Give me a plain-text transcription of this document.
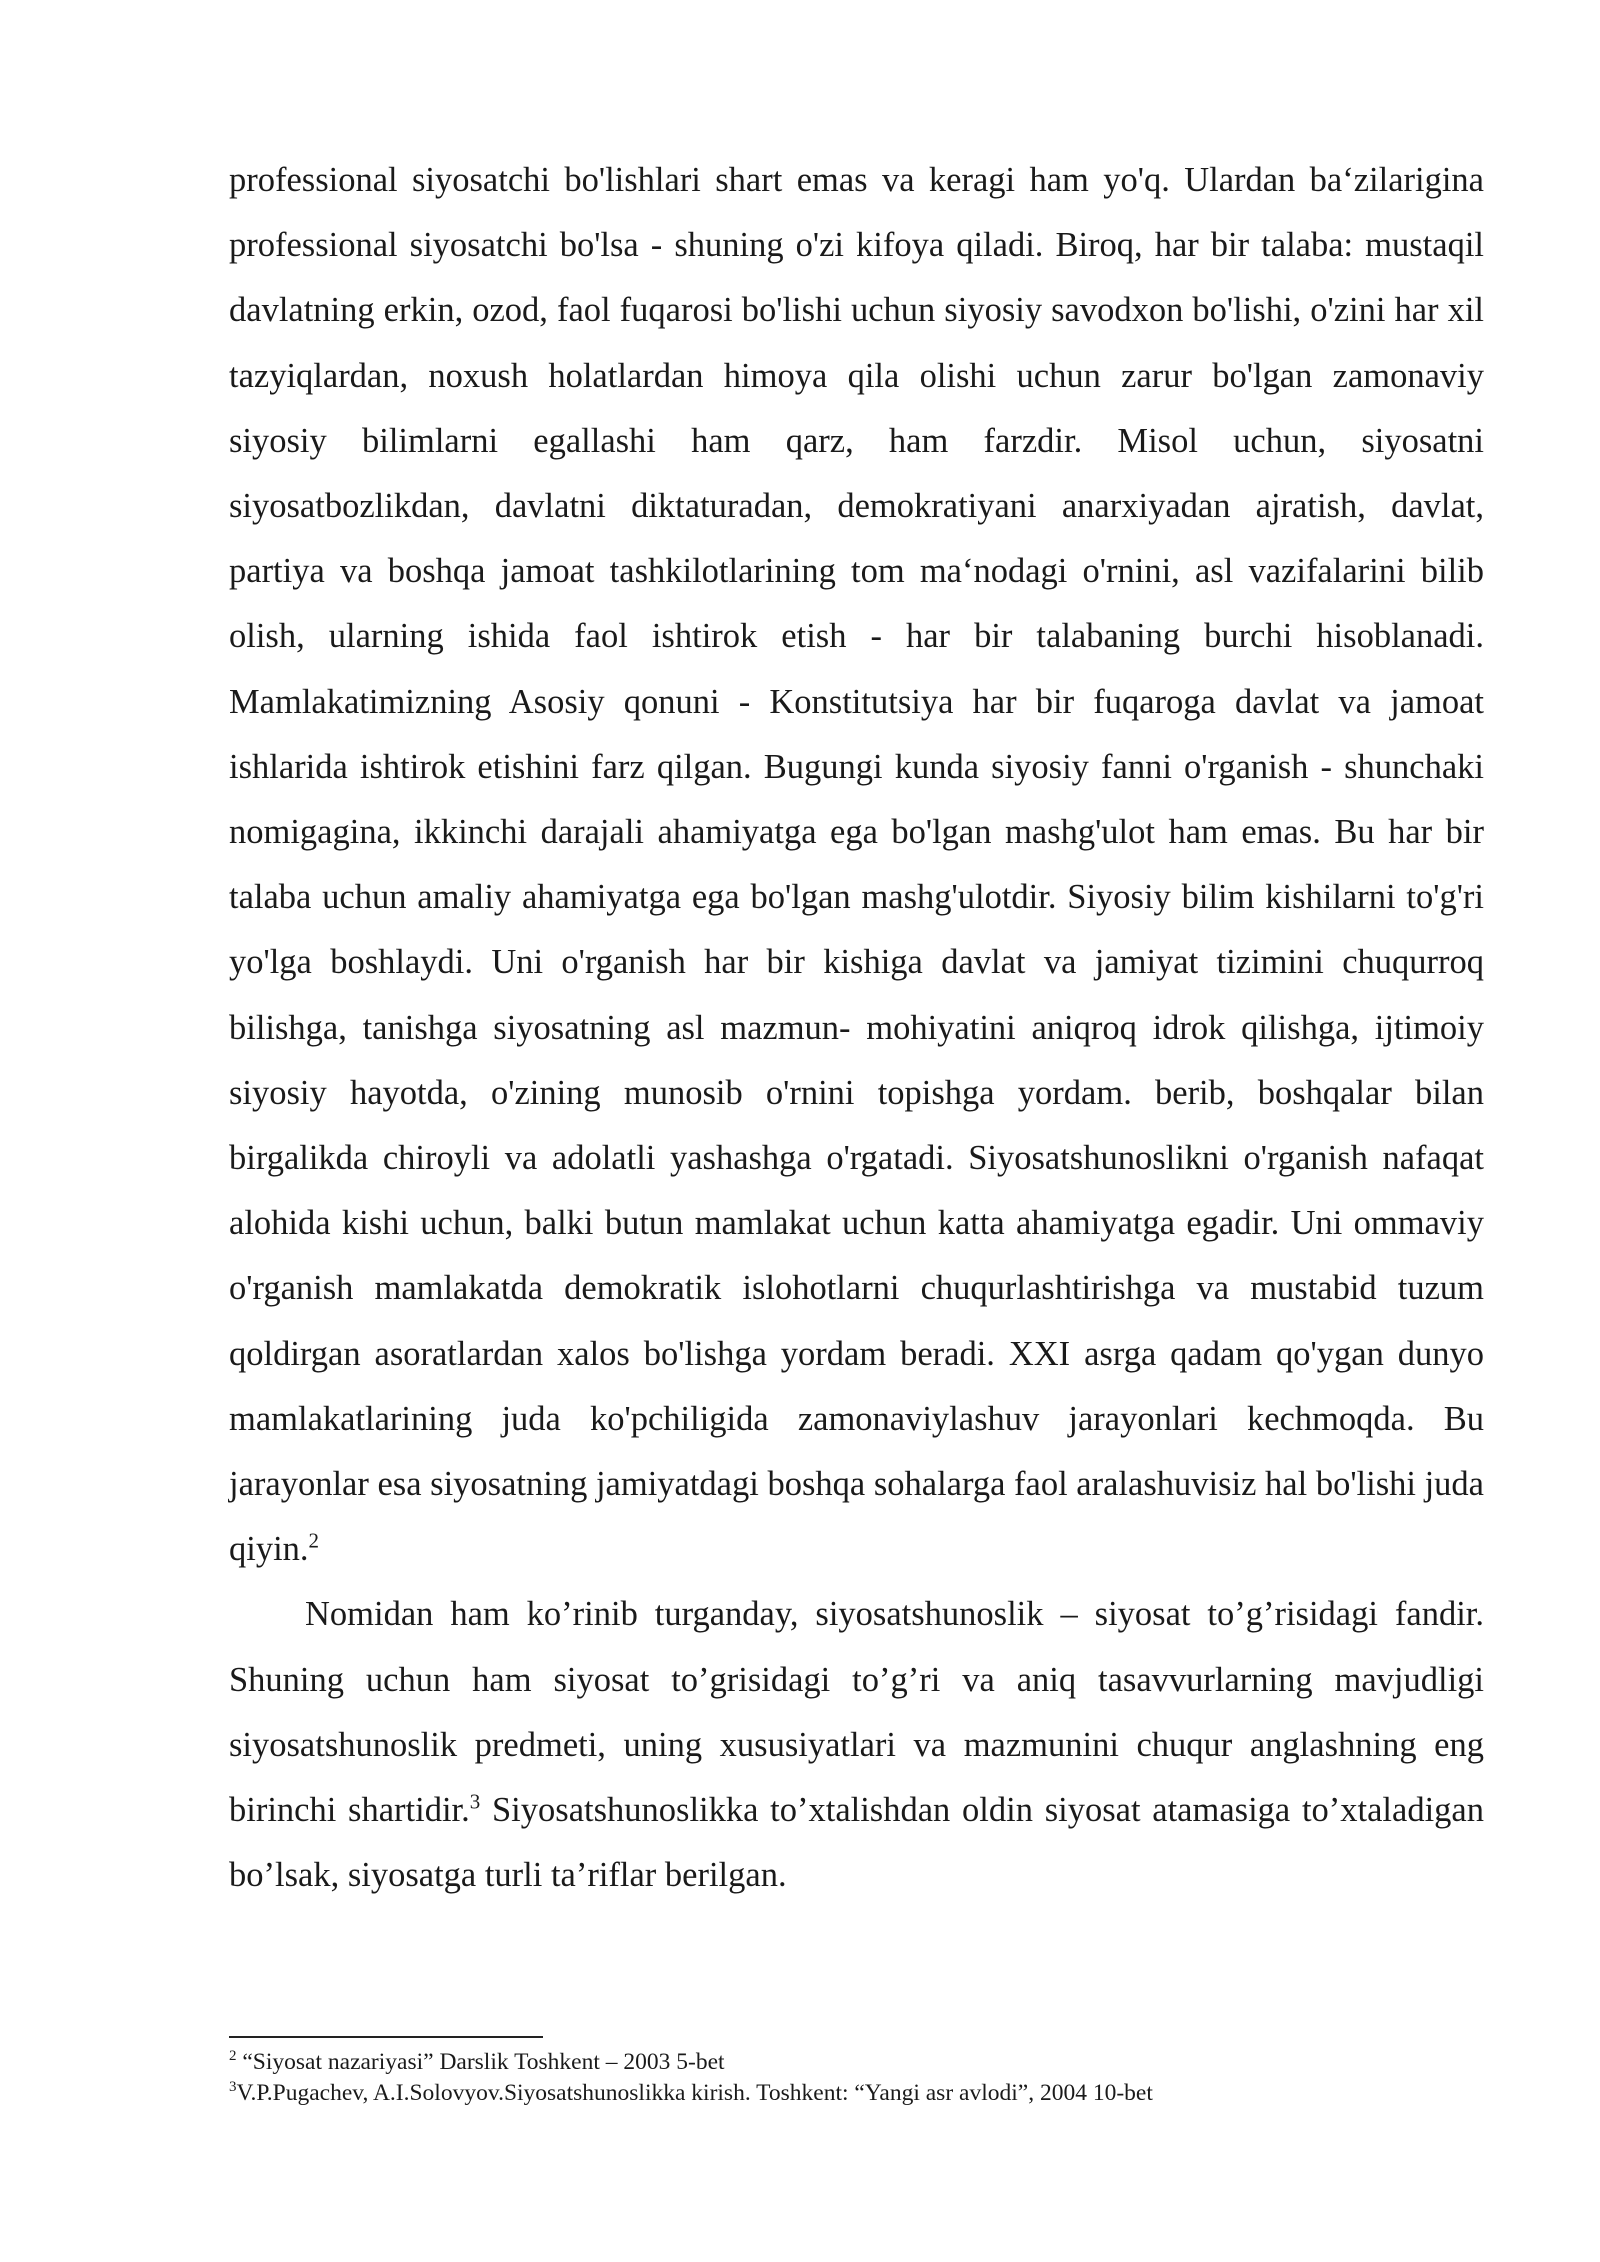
professional siyosatchi bo'lishlari shart emas va keragi ham yo'q. Ulardan ba‘zilarigina professional siyosatchi bo'lsa - shuning o'zi kifoya qiladi. Biroq, har bir talaba: mustaqil davlatning erkin, ozod, faol fuqarosi bo'lishi uchun siyosiy savodxon bo'lishi, o'zini har xil tazyiqlardan, noxush holatlardan himoya qila olishi uchun zarur bo'lgan zamonaviy siyosiy bilimlarni egallashi ham qarz, ham farzdir. Misol uchun, siyosatni siyosatbozlikdan, davlatni diktaturadan, demokratiyani anarxiyadan ajratish, davlat, partiya va boshqa jamoat tashkilotlarining tom ma‘nodagi o'rnini, asl vazifalarini bilib olish, ularning ishida faol ishtirok etish - har bir talabaning burchi hisoblanadi. Mamlakatimizning Asosiy qonuni - Konstitutsiya har bir fuqaroga davlat va jamoat ishlarida ishtirok etishini farz qilgan. Bugungi kunda siyosiy fanni o'rganish - shunchaki nomigagina, ikkinchi darajali ahamiyatga ega bo'lgan mashg'ulot ham emas. Bu har bir talaba uchun amaliy ahamiyatga ega bo'lgan mashg'ulotdir. Siyosiy bilim kishilarni to'g'ri yo'lga boshlaydi. Uni o'rganish har bir kishiga davlat va jamiyat tizimini chuqurroq bilishga, tanishga siyosatning asl mazmun- mohiyatini aniqroq idrok qilishga, ijtimoiy siyosiy hayotda, o'zining munosib o'rnini topishga yordam. berib, boshqalar bilan birgalikda chiroyli va adolatli yashashga o'rgatadi. Siyosatshunoslikni o'rganish nafaqat alohida kishi uchun, balki butun mamlakat uchun katta ahamiyatga egadir. Uni ommaviy o'rganish mamlakatda demokratik islohotlarni chuqurlashtirishga va mustabid tuzum qoldirgan asoratlardan xalos bo'lishga yordam beradi. XXI asrga qadam qo'ygan dunyo mamlakatlarining juda ko'pchiligida zamonaviylashuv jarayonlari kechmoqda. Bu jarayonlar esa siyosatning jamiyatdagi boshqa sohalarga faol aralashuvisiz hal bo'lishi juda qiyin.$^2$

Nomidan ham ko’rinib turganday, siyosatshunoslik – siyosat to’g’risidagi fandir. Shuning uchun ham siyosat to’grisidagi to’g’ri va aniq tasavvurlarning mavjudligi siyosatshunoslik predmeti, uning xususiyatlari va mazmunini chuqur anglashning eng birinchi shartidir.$^3$ Siyosatshunoslikka to’xtalishdan oldin siyosat atamasiga to’xtaladigan bo’lsak, siyosatga turli ta’riflar berilgan.

$^2$ “Siyosat nazariyasi” Darslik Toshkent – 2003 5-bet

$^3$V.P.Pugachev, A.I.Solovyov.Siyosatshunoslikka kirish. Toshkent: “Yangi asr avlodi”, 2004 10-bet
